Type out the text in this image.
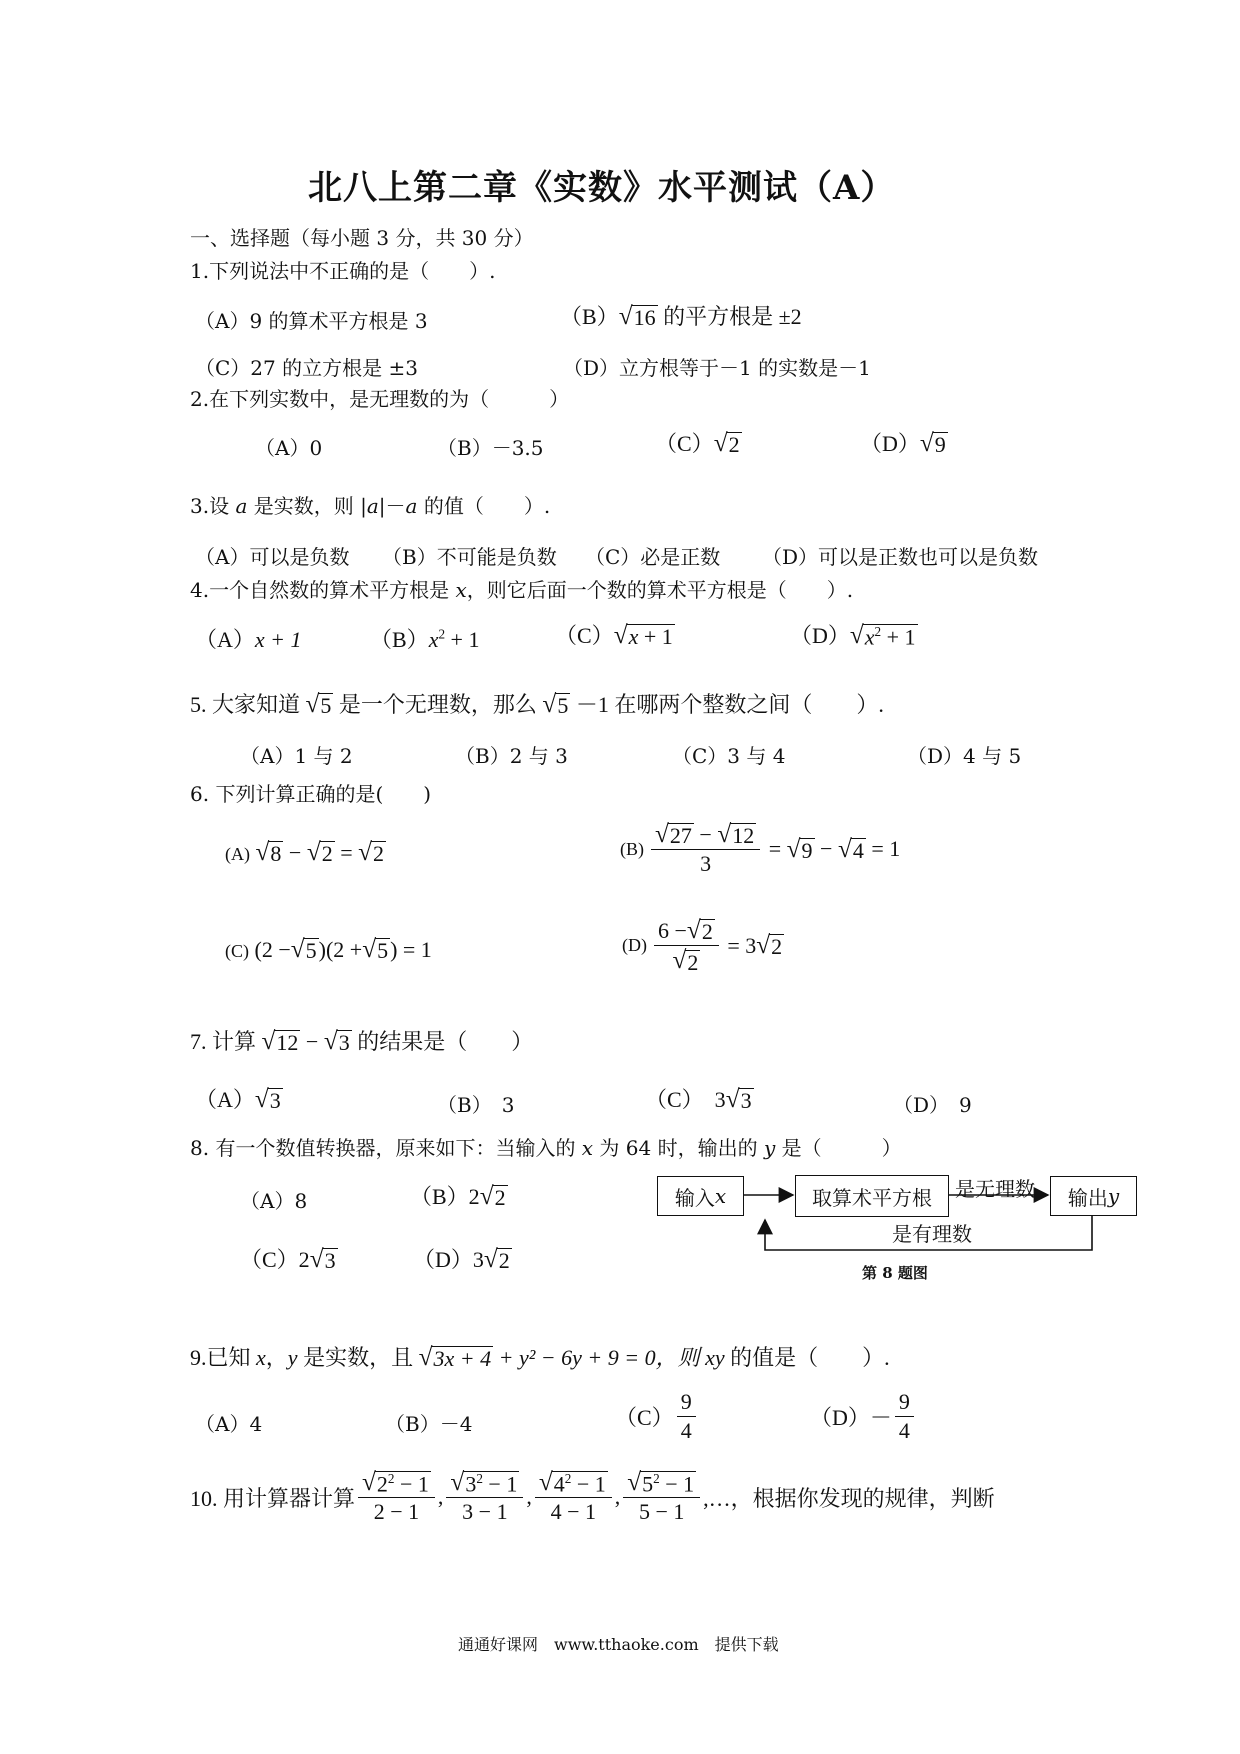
北八上第二章《实数》水平测试（A）
一、选择题（每小题 3 分，共 30 分）
1.下列说法中不正确的是（　　）.
（A）9 的算术平方根是 3	（B） √ 16 的平方根是 ±2
（C）27 的立方根是 ±3	（D）立方根等于－1 的实数是－1
2.在下列实数中，是无理数的为（　　　）
（A）0	（B）－3.5	（C） √ 2	（D） √ 9
3.设 a 是实数，则 |a|－a 的值（　　）.
（A）可以是负数 （B）不可能是负数 （C）必是正数 （D）可以是正数也可以是负数
4.一个自然数的算术平方根是 x，则它后面一个数的算术平方根是（　　）.
（A）x + 1	$(B)x^2 + 1$	（C） √ x + 1	（D） √ $x^2 + 1$
5. 大家知道 √ 5 是一个无理数，那么 √ 5 －1 在哪两个整数之间（　　）.
（A）1 与 2	（B）2 与 3	（C）3 与 4	（D）4 与 5
6. 下列计算正确的是(　　)
(A) √ 8 − √ 2 = √ 2	$(B) \frac{√ 27 - √ 12}{3}$ = √ 9 − √ 4
= 1
(C) (2 − √ 5 )(2 + √ 5 ) = 1	$(D) \frac{6 - √ 2}{√ 2}$
= 3 √ 2
7. 计算 √ 12 − √ 3 的结果是（　　）
（A） √ 3	（B）　3	（C）　3 √ 3	（D）　9
8. 有一个数值转换器，原来如下：当输入的 x 为 64 时，输出的 y 是（　　　）
（A）8	（B）2 √ 2
（C）2 √ 3	（D）3 √ 2
输入 x	取算术平方根	输出 y
是无理数
是有理数
第 8 题图
9.已知 x，y 是实数，且 √ 3x + 4 + y² − 6y + 9 = 0，则 xy 的值是（　　）.
（A）4	（B）－4	$(C) \frac{9}{4}$	$(D)- \frac{9}{4}$
10. 用计算器计算 $\frac{√ 2^2 - 1}{2 - 1}$ , $\frac{√ 3^2 - 1}{3 - 1}$ , $\frac{√ 4^2 - 1}{4 - 1}$ , $\frac{√ 5^2 - 1}{5 - 1}$ ,…， 根据你发现的规律，判断
通通好课网　www.tthaoke.com　提供下载
